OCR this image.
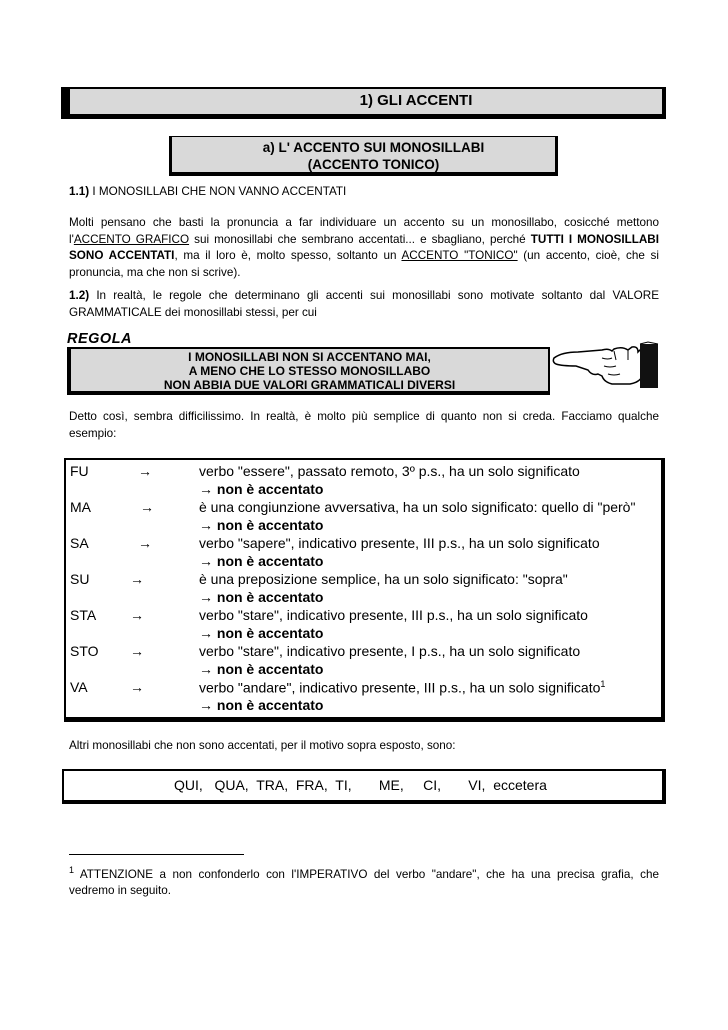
1) GLI ACCENTI
a) L' ACCENTO SUI MONOSILLABI
(ACCENTO TONICO)
1.1) I MONOSILLABI CHE NON VANNO ACCENTATI
Molti pensano che basti la pronuncia a far individuare un accento su un monosillabo, cosicché mettono l'ACCENTO GRAFICO sui monosillabi che sembrano accentati... e sbagliano, perché TUTTI I MONOSILLABI SONO ACCENTATI, ma il loro è, molto spesso, soltanto un ACCENTO "TONICO" (un accento, cioè, che si pronuncia, ma che non si scrive).
1.2) In realtà, le regole che determinano gli accenti sui monosillabi sono motivate soltanto dal VALORE GRAMMATICALE dei monosillabi stessi, per cui
REGOLA
I MONOSILLABI NON SI ACCENTANO MAI,
A MENO CHE LO STESSO MONOSILLABO
NON ABBIA DUE VALORI GRAMMATICALI DIVERSI
Detto così, sembra difficilissimo. In realtà, è molto più semplice di quanto non si creda. Facciamo qualche esempio:
FU	→	verbo "essere", passato remoto, 3º p.s., ha un solo significato
→ non è accentato
MA	→	è una congiunzione avversativa, ha un solo significato: quello di "però"
→ non è accentato
SA	→	verbo "sapere", indicativo presente, III p.s., ha un solo significato
→ non è accentato
SU	→	è una preposizione semplice, ha un solo significato: "sopra"
→ non è accentato
STA →	verbo "stare", indicativo presente, III p.s., ha un solo significato
→ non è accentato
STO →	verbo "stare", indicativo presente, I p.s., ha un solo significato
→ non è accentato
VA	→	verbo "andare", indicativo presente, III p.s., ha un solo significato$^1$
→ non è accentato
Altri monosillabi che non sono accentati, per il motivo sopra esposto, sono:
QUI,   QUA,  TRA,  FRA,  TI,       ME,     CI,       VI,  eccetera
$^1$ ATTENZIONE a non confonderlo con l'IMPERATIVO del verbo "andare", che ha una precisa grafia, che vedremo in seguito.
